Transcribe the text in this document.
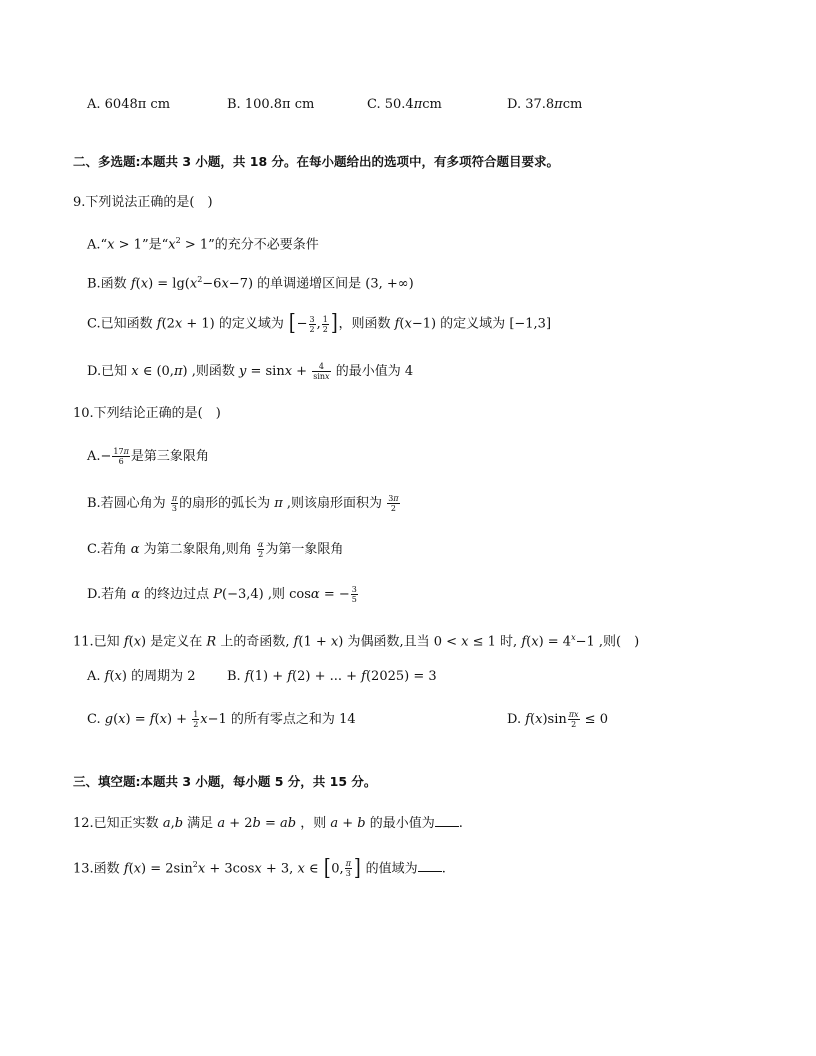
A. 6048π cm	B. 100.8π cm	C. 50.4πcm	D. 37.8πcm
二、多选题:本题共 3 小题，共 18 分。在每小题给出的选项中，有多项符合题目要求。
9.下列说法正确的是(　)
A.“x > 1”是“$x^2 > 1$”的充分不必要条件
B.函数 $f(x) = \lg(x^2-6x-7)$ 的单调递增区间是 (3, +∞)
C.已知函数 f(2x + 1) 的定义域为 [− $\frac{3}{2}$ , $\frac{1}{2}$ ]，则函数 f(x−1) 的定义域为 [−1,3]
D.已知 x ∈ (0,π) ,则函数 $y = \sin x + \frac{4}{\sin x}$ 的最小值为 4
10.下列结论正确的是(　)
$A.- \frac{17\pi}{6}$ 是第三象限角
B.若圆心角为 $\frac{\pi}{3}$ 的扇形的弧长为 π ,则该扇形面积为 $\frac{3\pi}{2}$
C.若角 α 为第二象限角,则角 $\frac{\alpha}{2}$ 为第一象限角
D.若角 α 的终边过点 P(−3,4) ,则 cosα = − $\frac{3}{5}$
11.已知 f(x) 是定义在 R 上的奇函数, f(1 + x) 为偶函数,且当 0 < x ≤ 1 时, $f(x) = 4^x-1$ ,则(　)
A. f(x) 的周期为 2 B. f(1) + f(2) + ... + f(2025) = 3
C. $g(x) = f(x) + \frac{1}{2} x-1$ 的所有零点之和为 14	D. $f(x)\sin \frac{\pi x}{2} \le 0$
三、填空题:本题共 3 小题，每小题 5 分，共 15 分。
12.已知正实数 a,b 满足 a + 2b = ab ，则 a + b 的最小值为 .
13.函数 $f(x) = 2\sin^2x + 3\cos x + 3$, x ∈ [0, $\frac{\pi}{3}$ ] 的值域为 .
